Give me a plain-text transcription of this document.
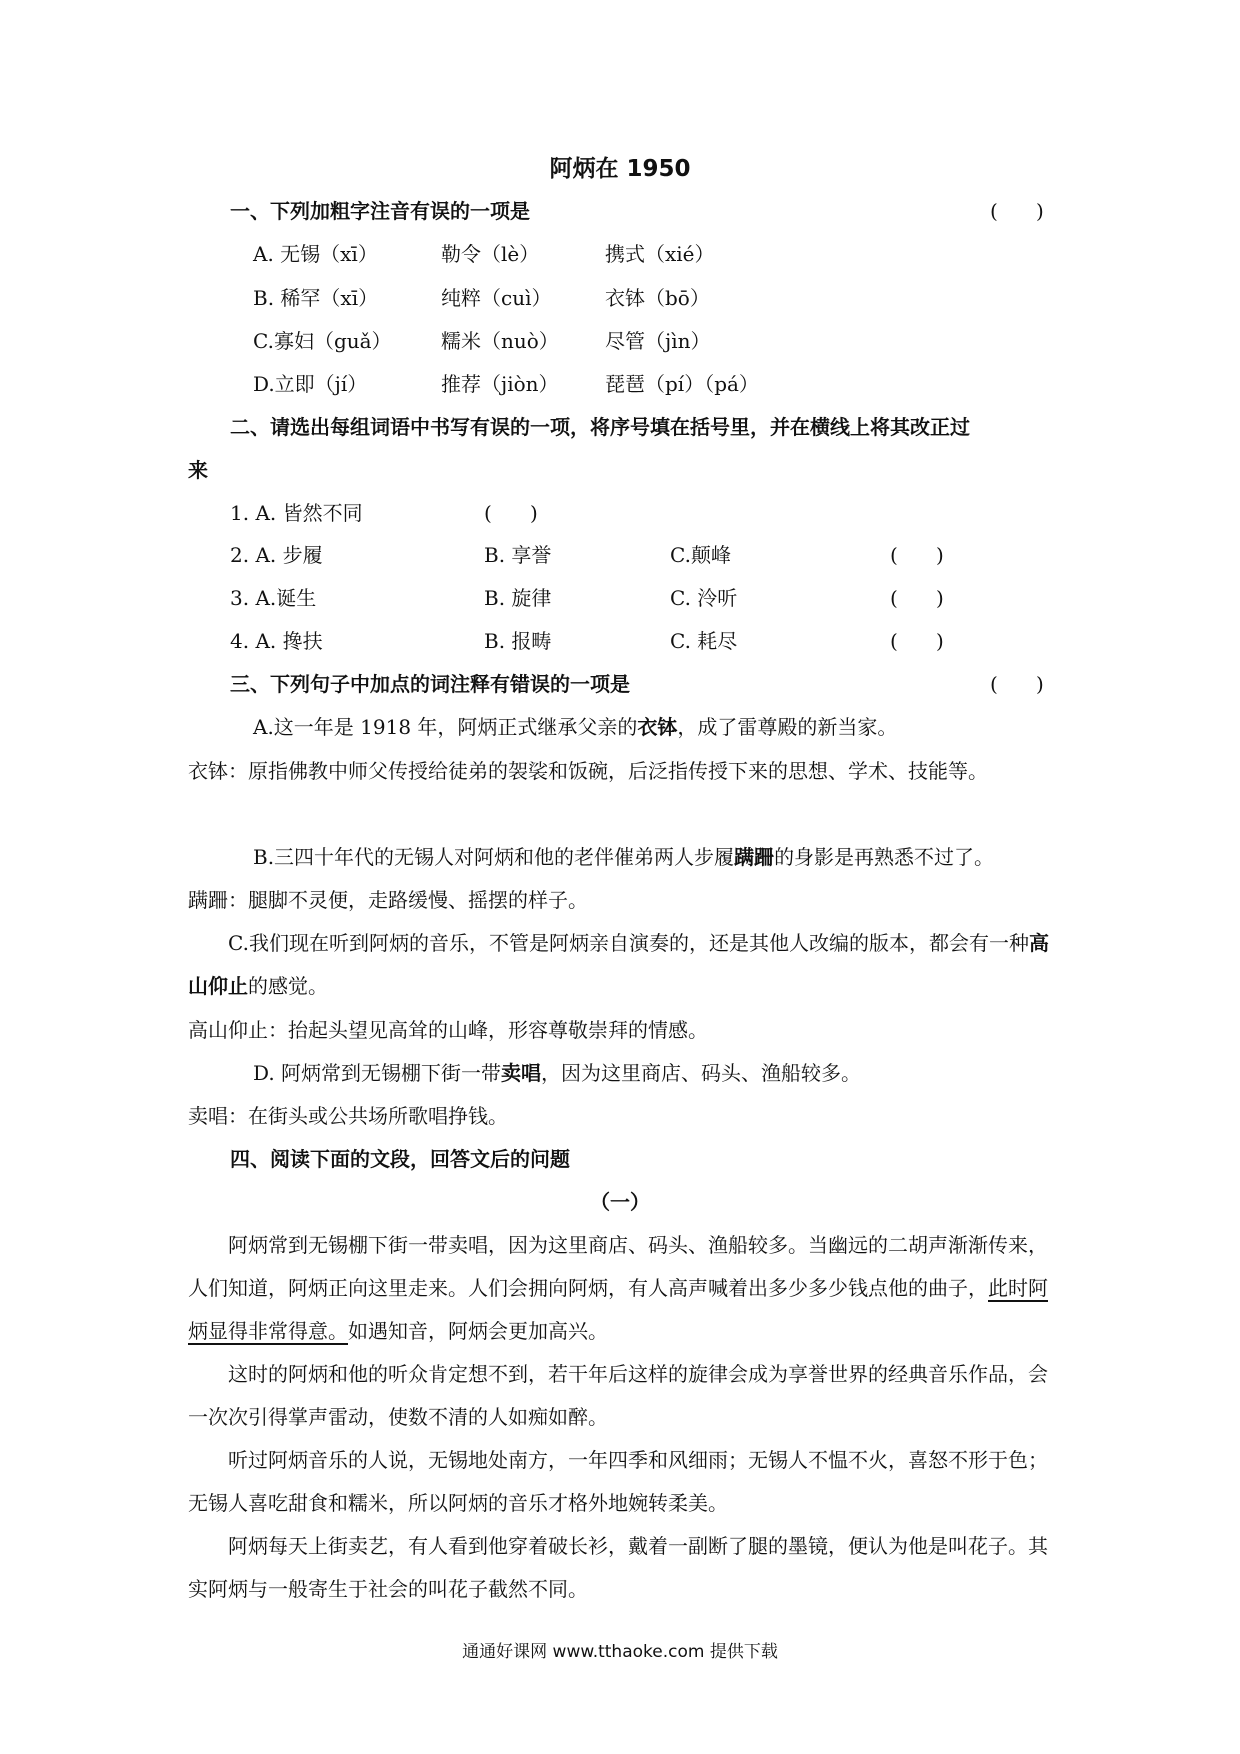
阿炳在 1950
一、下列加粗字注音有误的一项是	(      )
A. 无锡（xī）	勒令（lè）	携式（xié）
B. 稀罕（xī）	纯粹（cuì）	衣钵（bō）
C.寡妇（guǎ） 糯米（nuò） 尽管（jìn）
D.立即（jí）	推荐（jiòn） 琵琶（pí）（pá）
二、请选出每组词语中书写有误的一项，将序号填在括号里，并在横线上将其改正过
来
1. A. 皆然不同	(      )
2. A. 步履	B. 享誉	C.颠峰	(      )
3. A.诞生	B. 旋律	C. 泠听	(      )
4. A. 搀扶	B. 报畴	C. 耗尽	(      )
三、下列句子中加点的词注释有错误的一项是	(      )
A.这一年是 1918 年，阿炳正式继承父亲的衣钵，成了雷尊殿的新当家。
衣钵：原指佛教中师父传授给徒弟的袈裟和饭碗，后泛指传授下来的思想、学术、技能等。
B.三四十年代的无锡人对阿炳和他的老伴催弟两人步履蹒跚的身影是再熟悉不过了。
蹒跚：腿脚不灵便，走路缓慢、摇摆的样子。
C.我们现在听到阿炳的音乐，不管是阿炳亲自演奏的，还是其他人改编的版本，都会有一种高山仰止的感觉。
高山仰止：抬起头望见高耸的山峰，形容尊敬崇拜的情感。
D. 阿炳常到无锡棚下街一带卖唱，因为这里商店、码头、渔船较多。
卖唱：在街头或公共场所歌唱挣钱。
四、阅读下面的文段，回答文后的问题
（一）
阿炳常到无锡棚下街一带卖唱，因为这里商店、码头、渔船较多。当幽远的二胡声渐渐传来，人们知道，阿炳正向这里走来。人们会拥向阿炳，有人高声喊着出多少多少钱点他的曲子，此时阿炳显得非常得意。如遇知音，阿炳会更加高兴。
这时的阿炳和他的听众肯定想不到，若干年后这样的旋律会成为享誉世界的经典音乐作品，会一次次引得掌声雷动，使数不清的人如痴如醉。
听过阿炳音乐的人说，无锡地处南方，一年四季和风细雨；无锡人不愠不火，喜怒不形于色；无锡人喜吃甜食和糯米，所以阿炳的音乐才格外地婉转柔美。
阿炳每天上街卖艺，有人看到他穿着破长衫，戴着一副断了腿的墨镜，便认为他是叫花子。其实阿炳与一般寄生于社会的叫花子截然不同。
通通好课网 www.tthaoke.com 提供下载
